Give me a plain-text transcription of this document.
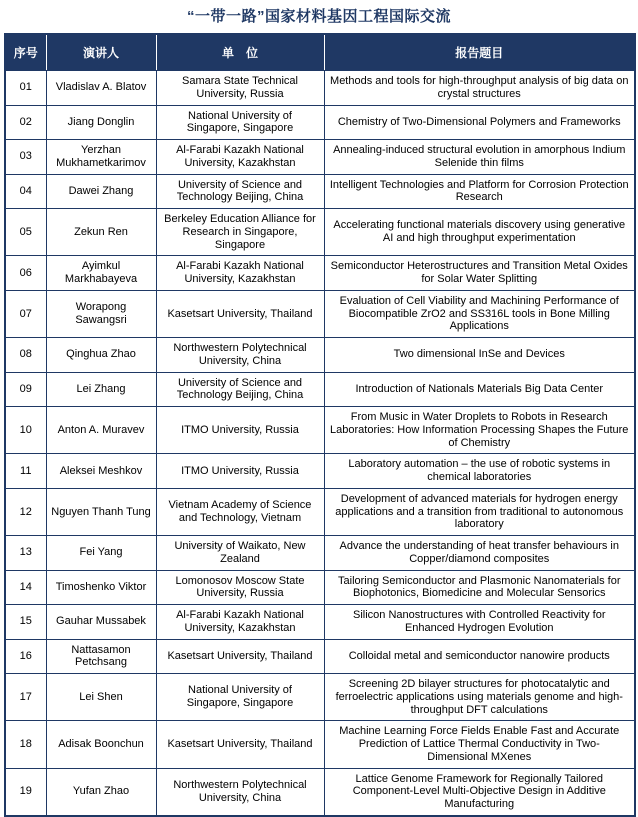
“一带一路”国家材料基因工程国际交流
序号	演讲人	单　位	报告题目
01	Vladislav A. Blatov	Samara State Technical University, Russia	Methods and tools for high-throughput analysis of big data on crystal structures
02	Jiang Donglin	National University of Singapore, Singapore	Chemistry of Two-Dimensional Polymers and Frameworks
03	Yerzhan Mukhametkarimov	Al-Farabi Kazakh National University, Kazakhstan	Annealing-induced structural evolution in amorphous Indium Selenide thin films
04	Dawei Zhang	University of Science and Technology Beijing, China	Intelligent Technologies and Platform for Corrosion Protection Research
05	Zekun Ren	Berkeley Education Alliance for Research in Singapore, Singapore	Accelerating functional materials discovery using generative AI and high throughput experimentation
06	Ayimkul Markhabayeva	Al-Farabi Kazakh National University, Kazakhstan	Semiconductor Heterostructures and Transition Metal Oxides for Solar Water Splitting
07	Worapong Sawangsri	Kasetsart University, Thailand	Evaluation of Cell Viability and Machining Performance of Biocompatible ZrO2 and SS316L tools in Bone Milling Applications
08	Qinghua Zhao	Northwestern Polytechnical University, China	Two dimensional InSe and Devices
09	Lei Zhang	University of Science and Technology Beijing, China	Introduction of Nationals Materials Big Data Center
10	Anton A. Muravev	ITMO University, Russia	From Music in Water Droplets to Robots in Research Laboratories: How Information Processing Shapes the Future of Chemistry
11	Aleksei Meshkov	ITMO University, Russia	Laboratory automation – the use of robotic systems in chemical laboratories
12	Nguyen Thanh Tung	Vietnam Academy of Science and Technology, Vietnam	Development of advanced materials for hydrogen energy applications and a transition from traditional to autonomous laboratory
13	Fei Yang	University of Waikato, New Zealand	Advance the understanding of heat transfer behaviours in Copper/diamond composites
14	Timoshenko Viktor	Lomonosov Moscow State University, Russia	Tailoring Semiconductor and Plasmonic Nanomaterials for Biophotonics, Biomedicine and Molecular Sensorics
15	Gauhar Mussabek	Al-Farabi Kazakh National University, Kazakhstan	Silicon Nanostructures with Controlled Reactivity for Enhanced Hydrogen Evolution
16	Nattasamon Petchsang	Kasetsart University, Thailand	Colloidal metal and semiconductor nanowire products
17	Lei Shen	National University of Singapore, Singapore	Screening 2D bilayer structures for photocatalytic and ferroelectric applications using materials genome and high-throughput DFT calculations
18	Adisak Boonchun	Kasetsart University, Thailand	Machine Learning Force Fields Enable Fast and Accurate Prediction of Lattice Thermal Conductivity in Two-Dimensional MXenes
19	Yufan Zhao	Northwestern Polytechnical University, China	Lattice Genome Framework for Regionally Tailored Component-Level Multi-Objective Design in Additive Manufacturing
